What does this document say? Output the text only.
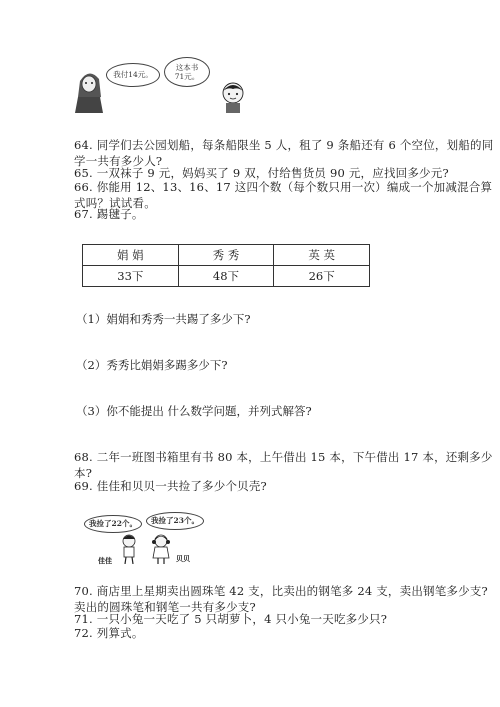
我付14元。
这本书
71元。
64. 同学们去公园划船，每条船限坐 5 人，租了 9 条船还有 6 个空位，划船的同
学一共有多少人?
65. 一双袜子 9 元，妈妈买了 9 双，付给售货员 90 元，应找回多少元?
66. 你能用 12、13、16、17 这四个数（每个数只用一次）编成一个加减混合算
式吗？试试看。
67. 踢毽子。
娟 娟	秀 秀	英 英
33下	48下	26下
（1）娟娟和秀秀一共踢了多少下?
（2）秀秀比娟娟多踢多少下?
（3）你不能提出 什么数学问题，并列式解答?
68. 二年一班图书箱里有书 80 本，上午借出 15 本，下午借出 17 本，还剩多少
本?
69. 佳佳和贝贝一共捡了多少个贝壳?
我捡了22个。	我捡了23个。
佳佳	贝贝
70. 商店里上星期卖出圆珠笔 42 支，比卖出的钢笔多 24 支，卖出钢笔多少支?
卖出的圆珠笔和钢笔一共有多少支?
71. 一只小兔一天吃了 5 只胡萝卜，4 只小兔一天吃多少只?
72. 列算式。
